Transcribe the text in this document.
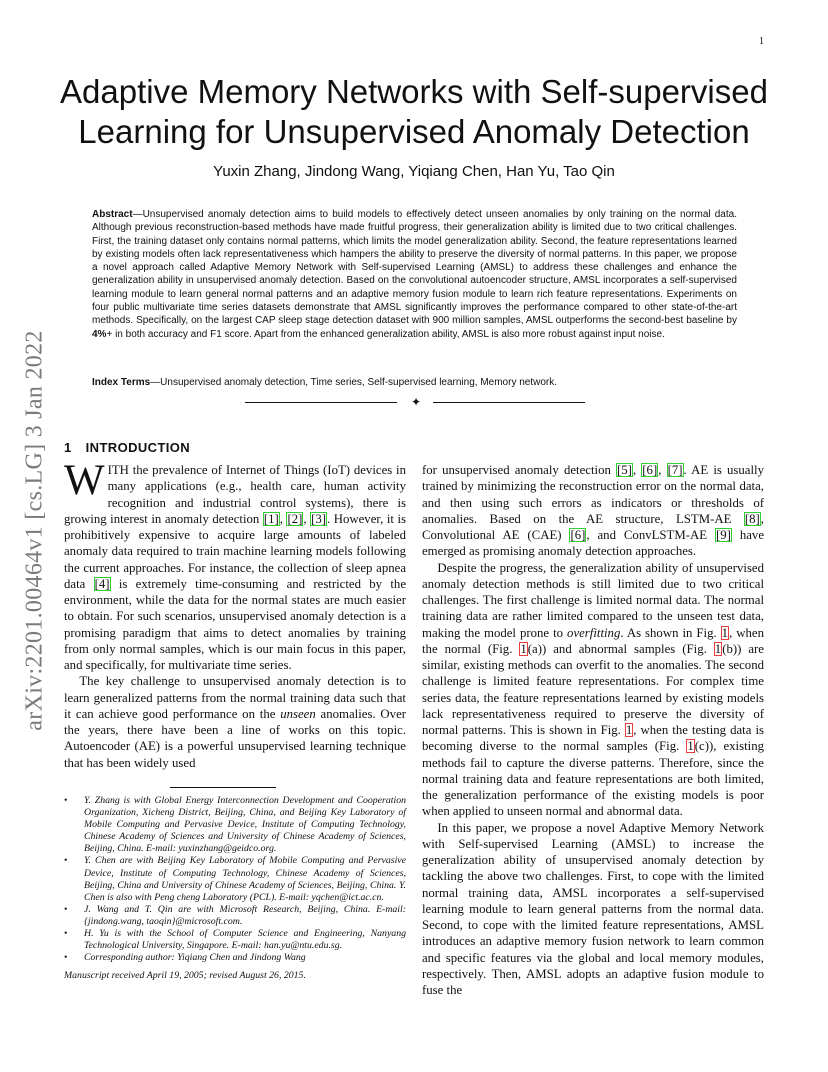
1
arXiv:2201.00464v1 [cs.LG] 3 Jan 2022
Adaptive Memory Networks with Self-supervised
Learning for Unsupervised Anomaly Detection
Yuxin Zhang, Jindong Wang, Yiqiang Chen, Han Yu, Tao Qin
Abstract—Unsupervised anomaly detection aims to build models to effectively detect unseen anomalies by only training on the normal data. Although previous reconstruction-based methods have made fruitful progress, their generalization ability is limited due to two critical challenges. First, the training dataset only contains normal patterns, which limits the model generalization ability. Second, the feature representations learned by existing models often lack representativeness which hampers the ability to preserve the diversity of normal patterns. In this paper, we propose a novel approach called Adaptive Memory Network with Self-supervised Learning (AMSL) to address these challenges and enhance the generalization ability in unsupervised anomaly detection. Based on the convolutional autoencoder structure, AMSL incorporates a self-supervised learning module to learn general normal patterns and an adaptive memory fusion module to learn rich feature representations. Experiments on four public multivariate time series datasets demonstrate that AMSL significantly improves the performance compared to other state-of-the-art methods. Specifically, on the largest CAP sleep stage detection dataset with 900 million samples, AMSL outperforms the second-best baseline by 4%+ in both accuracy and F1 score. Apart from the enhanced generalization ability, AMSL is also more robust against input noise.
Index Terms—Unsupervised anomaly detection, Time series, Self-supervised learning, Memory network.
✦
1 INTRODUCTION

WITH the prevalence of Internet of Things (IoT) devices in many applications (e.g., health care, human activity recognition and industrial control systems), there is growing interest in anomaly detection [1], [2], [3]. However, it is prohibitively expensive to acquire large amounts of labeled anomaly data required to train machine learning models following the current approaches. For instance, the collection of sleep apnea data [4] is extremely time-consuming and restricted by the environment, while the data for the normal states are much easier to obtain. For such scenarios, unsupervised anomaly detection is a promising paradigm that aims to detect anomalies by training from only normal samples, which is our main focus in this paper, and specifically, for multivariate time series.

The key challenge to unsupervised anomaly detection is to learn generalized patterns from the normal training data such that it can achieve good performance on the unseen anomalies. Over the years, there have been a line of works on this topic. Autoencoder (AE) is a powerful unsupervised learning technique that has been widely used

for unsupervised anomaly detection [5], [6], [7]. AE is usually trained by minimizing the reconstruction error on the normal data, and then using such errors as indicators or thresholds of anomalies. Based on the AE structure, LSTM-AE [8], Convolutional AE (CAE) [6], and ConvLSTM-AE [9] have emerged as promising anomaly detection approaches.

Despite the progress, the generalization ability of unsupervised anomaly detection methods is still limited due to two critical challenges. The first challenge is limited normal data. The normal training data are rather limited compared to the unseen test data, making the model prone to overfitting. As shown in Fig. 1, when the normal (Fig. 1(a)) and abnormal samples (Fig. 1(b)) are similar, existing methods can overfit to the anomalies. The second challenge is limited feature representations. For complex time series data, the feature representations learned by existing models lack representativeness required to preserve the diversity of normal patterns. This is shown in Fig. 1, when the testing data is becoming diverse to the normal samples (Fig. 1(c)), existing methods fail to capture the diverse patterns. Therefore, since the normal training data and feature representations are both limited, the generalization performance of the existing models is poor when applied to unseen normal and abnormal data.

In this paper, we propose a novel Adaptive Memory Network with Self-supervised Learning (AMSL) to increase the generalization ability of unsupervised anomaly detection by tackling the above two challenges. First, to cope with the limited normal training data, AMSL incorporates a self-supervised learning module to learn general patterns from the normal data. Second, to cope with the limited feature representations, AMSL introduces an adaptive memory fusion network to learn common and specific features via the global and local memory modules, respectively. Then, AMSL adopts an adaptive fusion module to fuse the

• Y. Zhang is with Global Energy Interconnection Development and Cooperation Organization, Xicheng District, Beijing, China, and Beijing Key Laboratory of Mobile Computing and Pervasive Device, Institute of Computing Technology, Chinese Academy of Sciences and University of Chinese Academy of Sciences, Beijing, China. E-mail: yuxinzhang@geidco.org.
• Y. Chen are with Beijing Key Laboratory of Mobile Computing and Pervasive Device, Institute of Computing Technology, Chinese Academy of Sciences, Beijing, China and University of Chinese Academy of Sciences, Beijing, China. Y. Chen is also with Peng cheng Laboratory (PCL). E-mail: yqchen@ict.ac.cn.
• J. Wang and T. Qin are with Microsoft Research, Beijing, China. E-mail: {jindong.wang, taoqin}@microsoft.com.
• H. Yu is with the School of Computer Science and Engineering, Nanyang Technological University, Singapore. E-mail: han.yu@ntu.edu.sg.
• Corresponding author: Yiqiang Chen and Jindong Wang
Manuscript received April 19, 2005; revised August 26, 2015.
